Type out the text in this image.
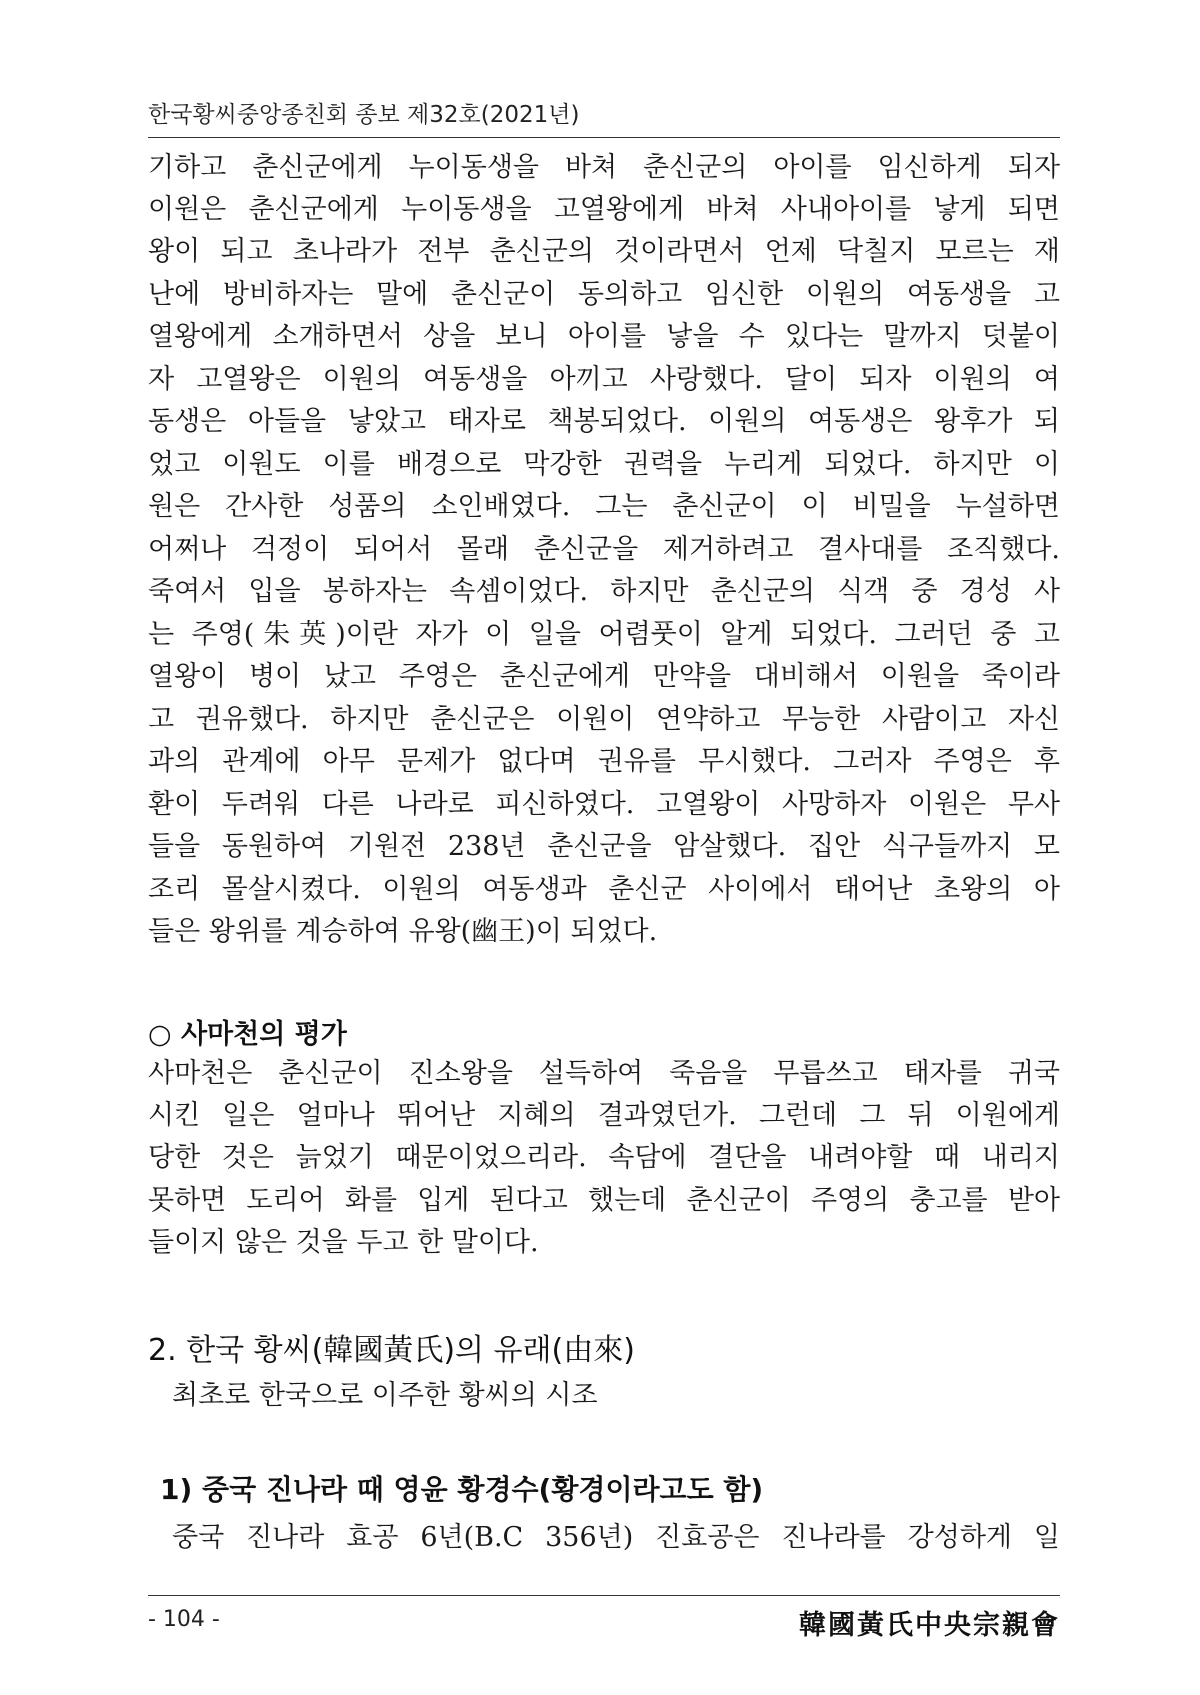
한국황씨중앙종친회 종보 제32호(2021년)
기하고 춘신군에게 누이동생을 바쳐 춘신군의 아이를 임신하게 되자
이원은 춘신군에게 누이동생을 고열왕에게 바쳐 사내아이를 낳게 되면
왕이 되고 초나라가 전부 춘신군의 것이라면서 언제 닥칠지 모르는 재
난에 방비하자는 말에 춘신군이 동의하고 임신한 이원의 여동생을 고
열왕에게 소개하면서 상을 보니 아이를 낳을 수 있다는 말까지 덧붙이
자 고열왕은 이원의 여동생을 아끼고 사랑했다. 달이 되자 이원의 여
동생은 아들을 낳았고 태자로 책봉되었다. 이원의 여동생은 왕후가 되
었고 이원도 이를 배경으로 막강한 권력을 누리게 되었다. 하지만 이
원은 간사한 성품의 소인배였다. 그는 춘신군이 이 비밀을 누설하면
어쩌나 걱정이 되어서 몰래 춘신군을 제거하려고 결사대를 조직했다.
죽여서 입을 봉하자는 속셈이었다. 하지만 춘신군의 식객 중 경성 사
는 주영(朱英)이란 자가 이 일을 어렴풋이 알게 되었다. 그러던 중 고
열왕이 병이 났고 주영은 춘신군에게 만약을 대비해서 이원을 죽이라
고 권유했다. 하지만 춘신군은 이원이 연약하고 무능한 사람이고 자신
과의 관계에 아무 문제가 없다며 권유를 무시했다. 그러자 주영은 후
환이 두려워 다른 나라로 피신하였다. 고열왕이 사망하자 이원은 무사
들을 동원하여 기원전 238년 춘신군을 암살했다. 집안 식구들까지 모
조리 몰살시켰다. 이원의 여동생과 춘신군 사이에서 태어난 초왕의 아
들은 왕위를 계승하여 유왕(幽王)이 되었다.
○ 사마천의 평가
사마천은 춘신군이 진소왕을 설득하여 죽음을 무릅쓰고 태자를 귀국
시킨 일은 얼마나 뛰어난 지혜의 결과였던가. 그런데 그 뒤 이원에게
당한 것은 늙었기 때문이었으리라. 속담에 결단을 내려야할 때 내리지
못하면 도리어 화를 입게 된다고 했는데 춘신군이 주영의 충고를 받아
들이지 않은 것을 두고 한 말이다.
2. 한국 황씨(韓國黃氏)의 유래(由來)
최초로 한국으로 이주한 황씨의 시조
1) 중국 진나라 때 영윤 황경수(황경이라고도 함)
중국 진나라 효공 6년(B.C 356년) 진효공은 진나라를 강성하게 일
- 104 -	韓國黃氏中央宗親會
